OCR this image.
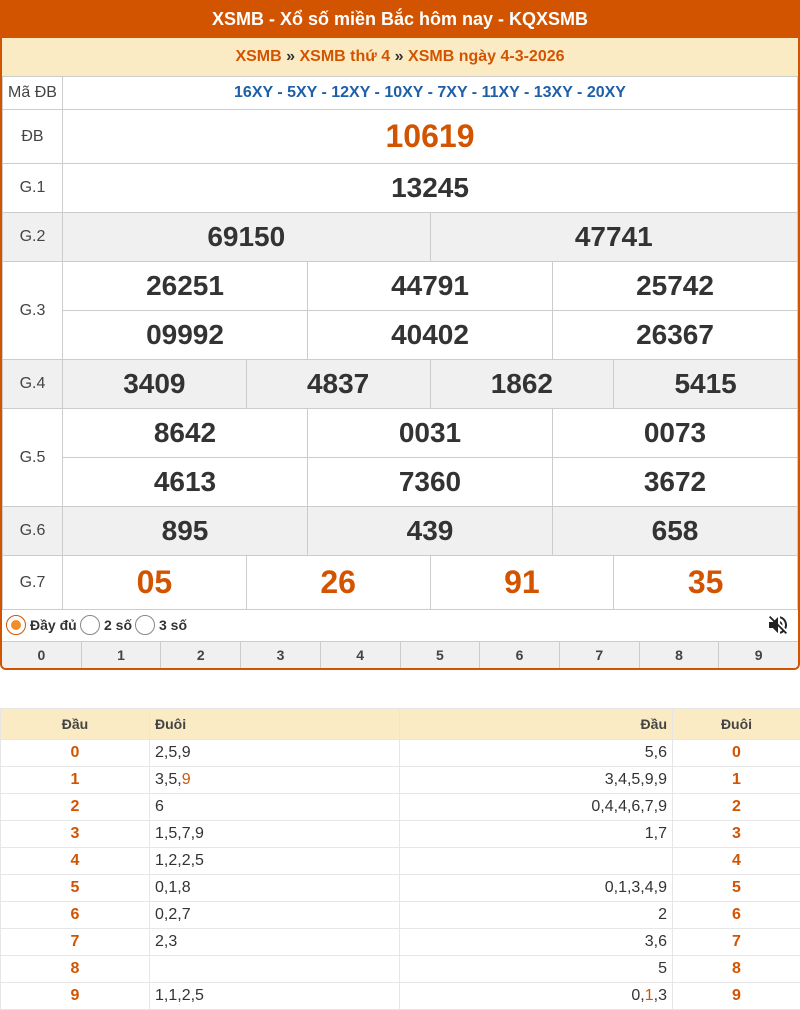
XSMB - Xổ số miền Bắc hôm nay - KQXSMB
XSMB » XSMB thứ 4 » XSMB ngày 4-3-2026
Mã ĐB	16XY - 5XY - 12XY - 10XY - 7XY - 11XY - 13XY - 20XY					
ĐB	10619					
G.1	13245					
G.2	69150			47741		
G.3	26251		44791		25742	
	09992		40402		26367	
G.4	3409	4837		1862		5415
G.5	8642		0031		0073	
	4613		7360		3672	
G.6	895		439		658	
G.7	05	26		91		35
Đầy đủ 2 số 3 số
0	1	2	3	4	5	6	7	8	9
Đầu	Đuôi	Đầu	Đuôi
0	2,5,9	5,6	0
1	3,5,9	3,4,5,9,9	1
2	6	0,4,4,6,7,9	2
3	1,5,7,9	1,7	3
4	1,2,2,5		4
5	0,1,8	0,1,3,4,9	5
6	0,2,7	2	6
7	2,3	3,6	7
8		5	8
9	1,1,2,5	0,1,3	9
